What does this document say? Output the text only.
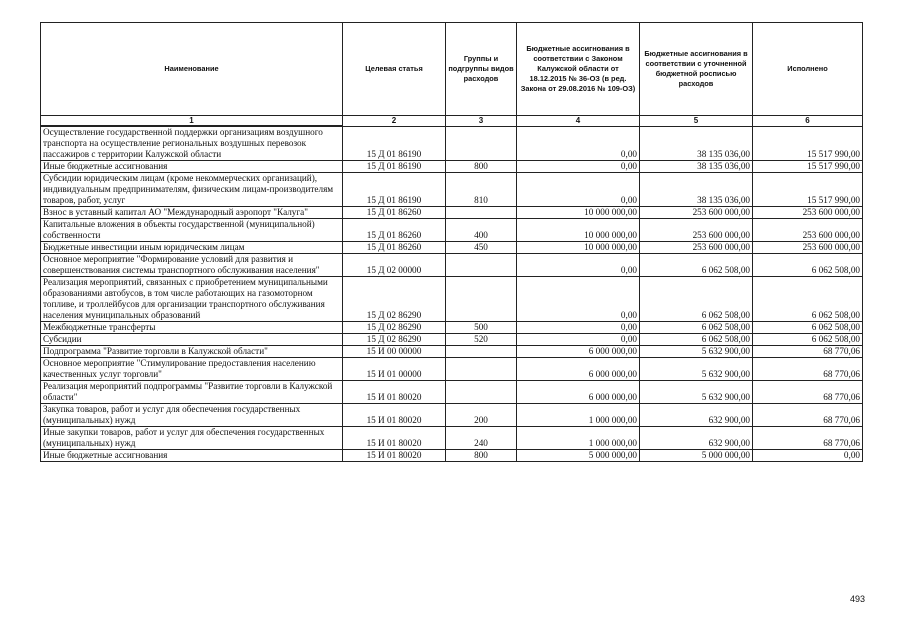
Наименование	Целевая статья	Группы и подгруппы видов расходов	Бюджетные ассигнования в соответствии с Законом Калужской области от 18.12.2015 № 36-ОЗ (в ред. Закона от 29.08.2016 № 109-ОЗ)	Бюджетные ассигнования в соответствии с уточненной бюджетной росписью расходов	Исполнено
1	2	3	4	5	6
Осуществление государственной поддержки организациям воздушного транспорта на осуществление региональных воздушных перевозок пассажиров с территории Калужской области	15 Д 01 86190		0,00	38 135 036,00	15 517 990,00
Иные бюджетные ассигнования	15 Д 01 86190	800	0,00	38 135 036,00	15 517 990,00
Субсидии юридическим лицам (кроме некоммерческих организаций), индивидуальным предпринимателям, физическим лицам-производителям товаров, работ, услуг	15 Д 01 86190	810	0,00	38 135 036,00	15 517 990,00
Взнос в уставный капитал АО "Международный аэропорт "Калуга"	15 Д 01 86260		10 000 000,00	253 600 000,00	253 600 000,00
Капитальные вложения в объекты государственной (муниципальной) собственности	15 Д 01 86260	400	10 000 000,00	253 600 000,00	253 600 000,00
Бюджетные инвестиции иным юридическим лицам	15 Д 01 86260	450	10 000 000,00	253 600 000,00	253 600 000,00
Основное мероприятие "Формирование условий для развития и совершенствования системы транспортного обслуживания населения"	15 Д 02 00000		0,00	6 062 508,00	6 062 508,00
Реализация мероприятий, связанных с приобретением муниципальными образованиями автобусов, в том числе работающих на газомоторном топливе, и троллейбусов для организации транспортного обслуживания населения муниципальных образований	15 Д 02 86290		0,00	6 062 508,00	6 062 508,00
Межбюджетные трансферты	15 Д 02 86290	500	0,00	6 062 508,00	6 062 508,00
Субсидии	15 Д 02 86290	520	0,00	6 062 508,00	6 062 508,00
Подпрограмма "Развитие торговли в Калужской области"	15 И 00 00000		6 000 000,00	5 632 900,00	68 770,06
Основное мероприятие "Стимулирование предоставления населению качественных услуг торговли"	15 И 01 00000		6 000 000,00	5 632 900,00	68 770,06
Реализация мероприятий подпрограммы "Развитие торговли в Калужской области"	15 И 01 80020		6 000 000,00	5 632 900,00	68 770,06
Закупка товаров, работ и услуг для обеспечения государственных (муниципальных) нужд	15 И 01 80020	200	1 000 000,00	632 900,00	68 770,06
Иные закупки товаров, работ и услуг для обеспечения государственных (муниципальных) нужд	15 И 01 80020	240	1 000 000,00	632 900,00	68 770,06
Иные бюджетные ассигнования	15 И 01 80020	800	5 000 000,00	5 000 000,00	0,00
493
